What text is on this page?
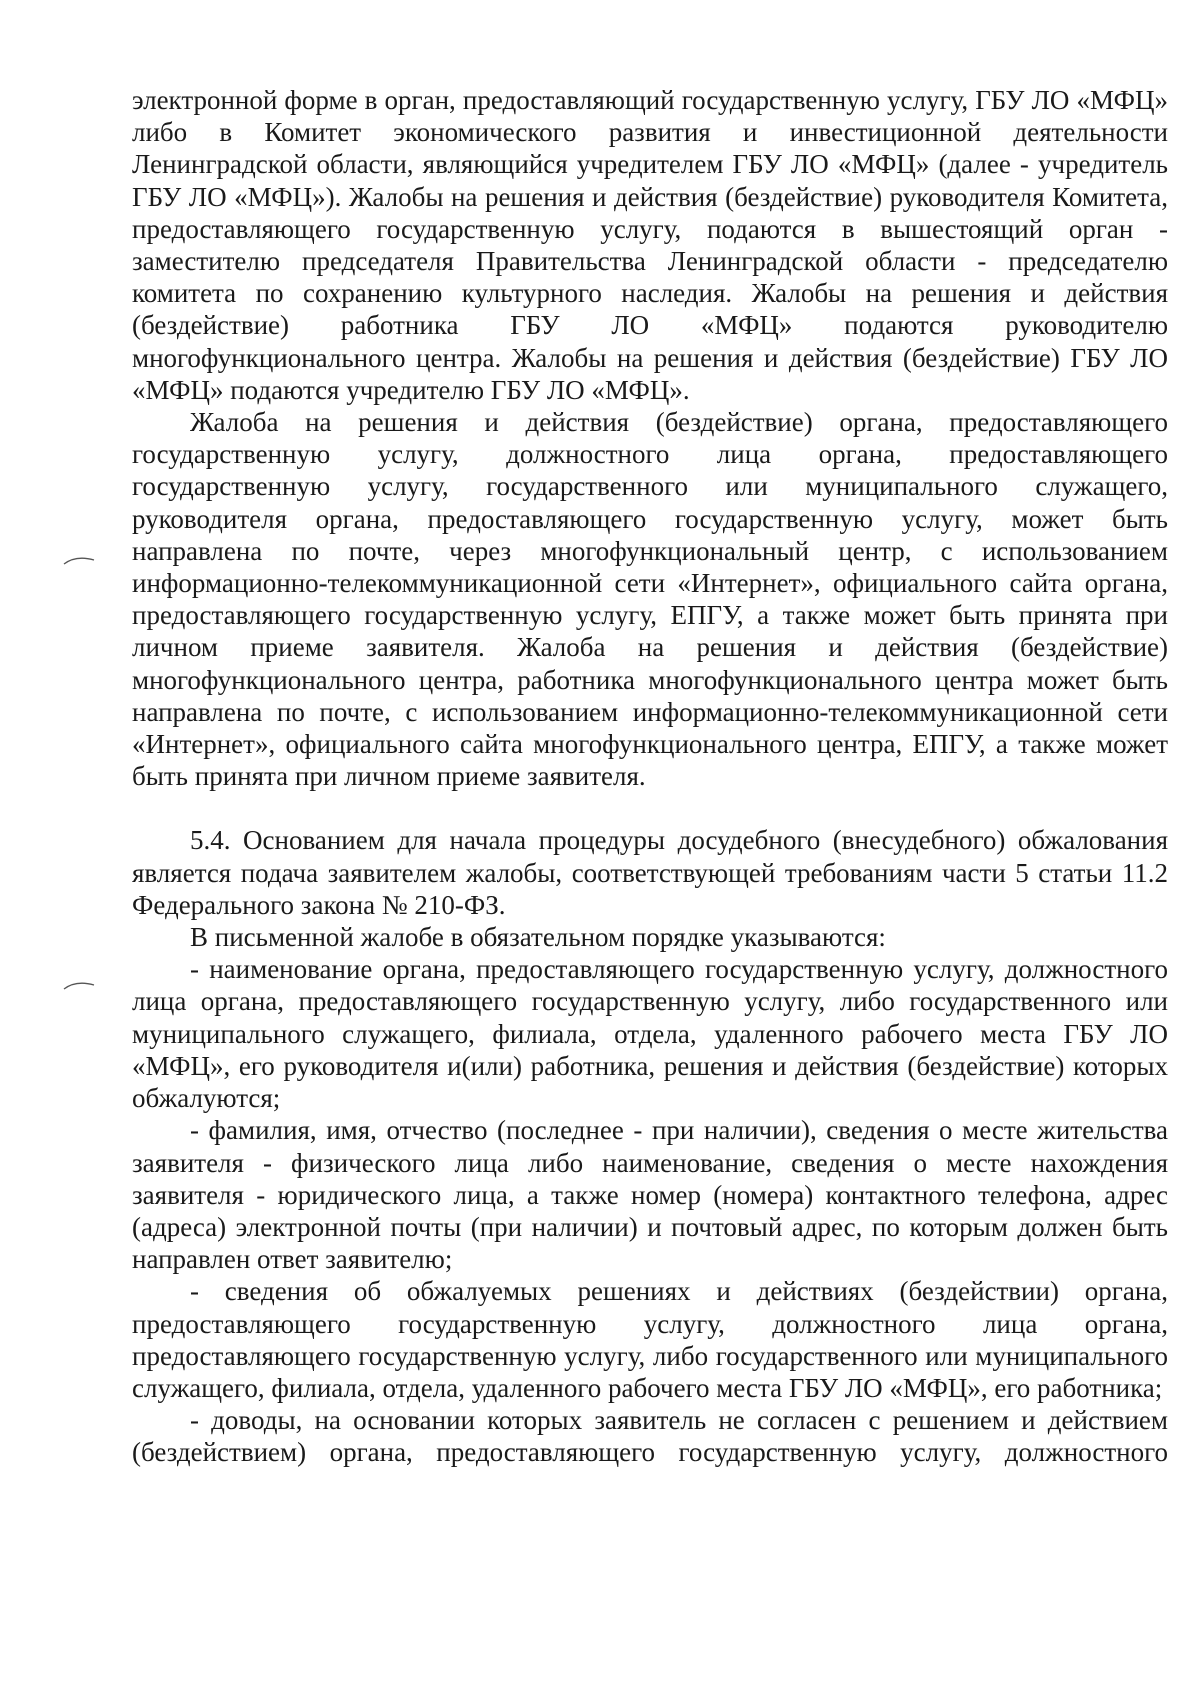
электронной форме в орган, предоставляющий государственную услугу, ГБУ ЛО «МФЦ» либо в Комитет экономического развития и инвестиционной деятельности Ленинградской области, являющийся учредителем ГБУ ЛО «МФЦ» (далее - учредитель ГБУ ЛО «МФЦ»). Жалобы на решения и действия (бездействие) руководителя Комитета, предоставляющего государственную услугу, подаются в вышестоящий орган - заместителю председателя Правительства Ленинградской области - председателю комитета по сохранению культурного наследия. Жалобы на решения и действия (бездействие) работника ГБУ ЛО «МФЦ» подаются руководителю многофункционального центра. Жалобы на решения и действия (бездействие) ГБУ ЛО «МФЦ» подаются учредителю ГБУ ЛО «МФЦ».

Жалоба на решения и действия (бездействие) органа, предоставляющего государственную услугу, должностного лица органа, предоставляющего государственную услугу, государственного или муниципального служащего, руководителя органа, предоставляющего государственную услугу, может быть направлена по почте, через многофункциональный центр, с использованием информационно-телекоммуникационной сети «Интернет», официального сайта органа, предоставляющего государственную услугу, ЕПГУ, а также может быть принята при личном приеме заявителя. Жалоба на решения и действия (бездействие) многофункционального центра, работника многофункционального центра может быть направлена по почте, с использованием информационно-телекоммуникационной сети «Интернет», официального сайта многофункционального центра, ЕПГУ, а также может быть принята при личном приеме заявителя.

5.4. Основанием для начала процедуры досудебного (внесудебного) обжалования является подача заявителем жалобы, соответствующей требованиям части 5 статьи 11.2 Федерального закона № 210-ФЗ.

В письменной жалобе в обязательном порядке указываются:

- наименование органа, предоставляющего государственную услугу, должностного лица органа, предоставляющего государственную услугу, либо государственного или муниципального служащего, филиала, отдела, удаленного рабочего места ГБУ ЛО «МФЦ», его руководителя и(или) работника, решения и действия (бездействие) которых обжалуются;

- фамилия, имя, отчество (последнее - при наличии), сведения о месте жительства заявителя - физического лица либо наименование, сведения о месте нахождения заявителя - юридического лица, а также номер (номера) контактного телефона, адрес (адреса) электронной почты (при наличии) и почтовый адрес, по которым должен быть направлен ответ заявителю;

- сведения об обжалуемых решениях и действиях (бездействии) органа, предоставляющего государственную услугу, должностного лица органа, предоставляющего государственную услугу, либо государственного или муниципального служащего, филиала, отдела, удаленного рабочего места ГБУ ЛО «МФЦ», его работника;

- доводы, на основании которых заявитель не согласен с решением и действием (бездействием) органа, предоставляющего государственную услугу, должностного
